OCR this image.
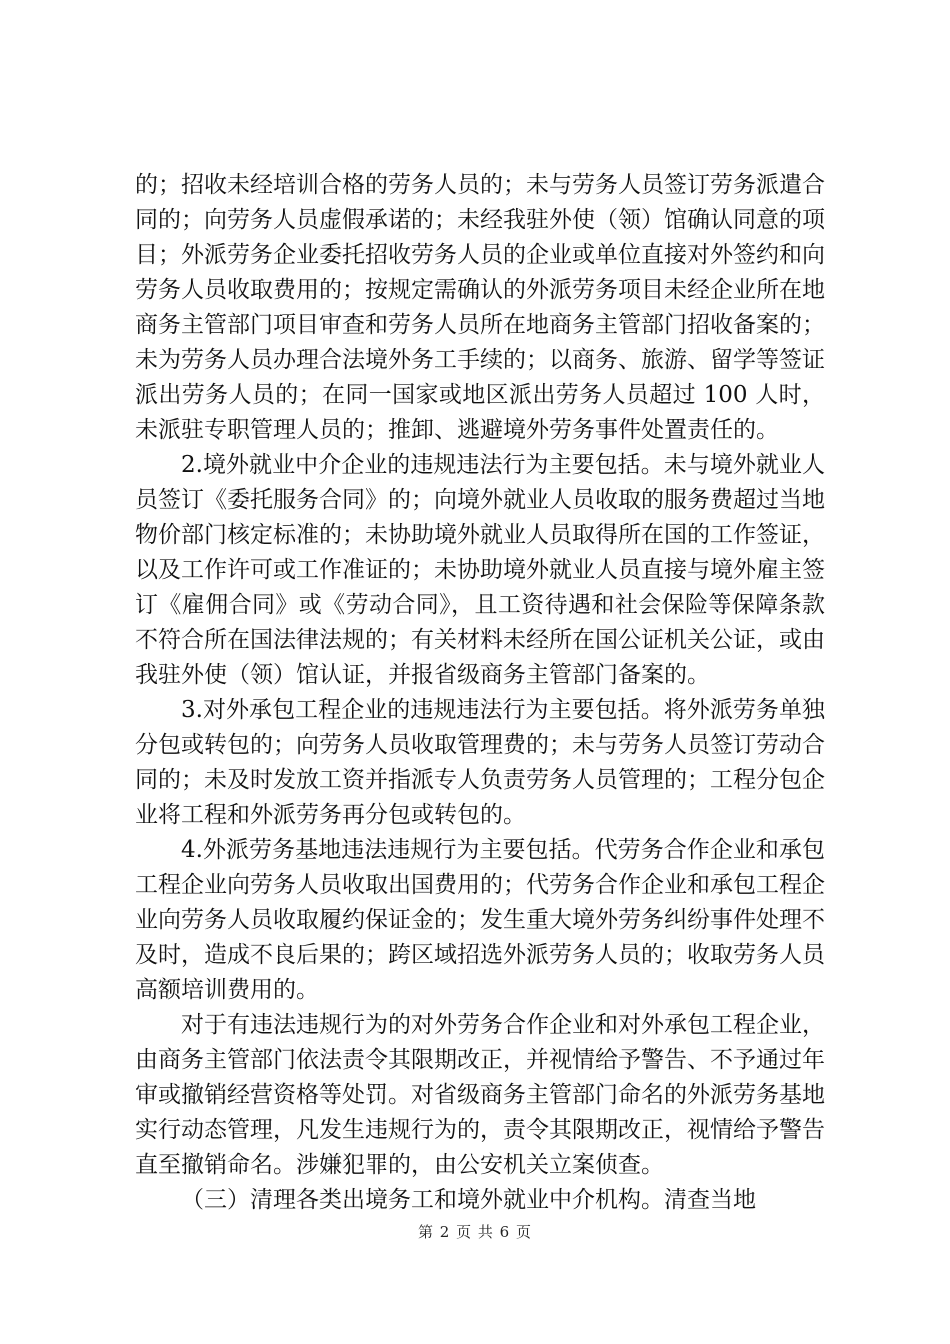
的；招收未经培训合格的劳务人员的；未与劳务人员签订劳务派遣合同的；向劳务人员虚假承诺的；未经我驻外使（领）馆确认同意的项目；外派劳务企业委托招收劳务人员的企业或单位直接对外签约和向劳务人员收取费用的；按规定需确认的外派劳务项目未经企业所在地商务主管部门项目审查和劳务人员所在地商务主管部门招收备案的；未为劳务人员办理合法境外务工手续的；以商务、旅游、留学等签证派出劳务人员的；在同一国家或地区派出劳务人员超过 100 人时，未派驻专职管理人员的；推卸、逃避境外劳务事件处置责任的。

2.境外就业中介企业的违规违法行为主要包括。未与境外就业人员签订《委托服务合同》的；向境外就业人员收取的服务费超过当地物价部门核定标准的；未协助境外就业人员取得所在国的工作签证，以及工作许可或工作准证的；未协助境外就业人员直接与境外雇主签订《雇佣合同》或《劳动合同》，且工资待遇和社会保险等保障条款不符合所在国法律法规的；有关材料未经所在国公证机关公证，或由我驻外使（领）馆认证，并报省级商务主管部门备案的。

3.对外承包工程企业的违规违法行为主要包括。将外派劳务单独分包或转包的；向劳务人员收取管理费的；未与劳务人员签订劳动合同的；未及时发放工资并指派专人负责劳务人员管理的；工程分包企业将工程和外派劳务再分包或转包的。

4.外派劳务基地违法违规行为主要包括。代劳务合作企业和承包工程企业向劳务人员收取出国费用的；代劳务合作企业和承包工程企业向劳务人员收取履约保证金的；发生重大境外劳务纠纷事件处理不及时，造成不良后果的；跨区域招选外派劳务人员的；收取劳务人员高额培训费用的。

对于有违法违规行为的对外劳务合作企业和对外承包工程企业，由商务主管部门依法责令其限期改正，并视情给予警告、不予通过年审或撤销经营资格等处罚。对省级商务主管部门命名的外派劳务基地实行动态管理，凡发生违规行为的，责令其限期改正，视情给予警告直至撤销命名。涉嫌犯罪的，由公安机关立案侦查。

（三）清理各类出境务工和境外就业中介机构。清查当地

第 2 页 共 6 页
